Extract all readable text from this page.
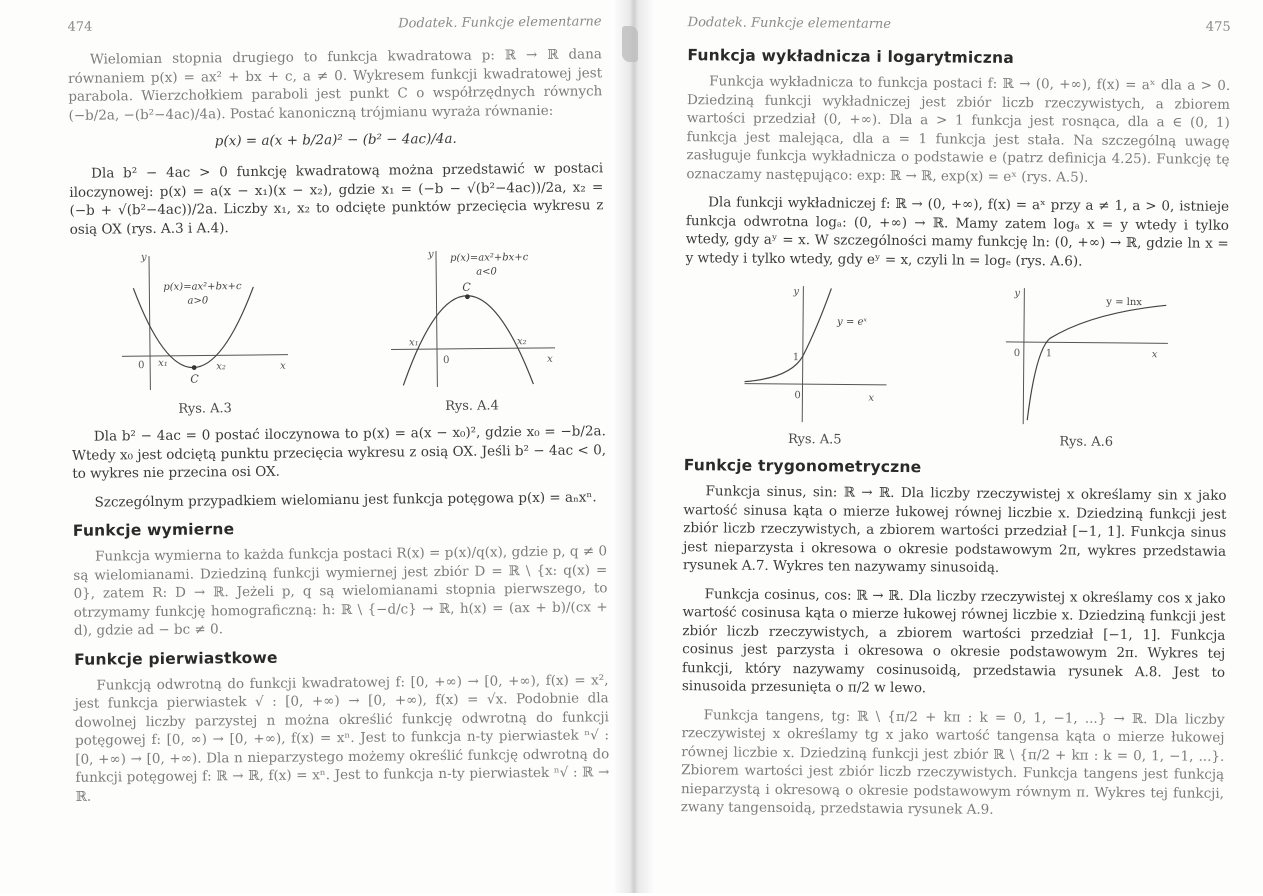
474	Dodatek. Funkcje elementarne

Wielomian stopnia drugiego to funkcja kwadratowa p: ℝ → ℝ dana równaniem p(x) = ax² + bx + c, a ≠ 0. Wykresem funkcji kwadratowej jest parabola. Wierzchołkiem paraboli jest punkt C o współrzędnych równych (−b/2a, −(b²−4ac)/4a). Postać kanoniczną trójmianu wyraża równanie:

p(x) = a(x + b/2a)² − (b² − 4ac)/4a.

Dla b² − 4ac > 0 funkcję kwadratową można przedstawić w postaci iloczynowej: p(x) = a(x − x₁)(x − x₂), gdzie x₁ = (−b − √(b²−4ac))/2a, x₂ = (−b + √(b²−4ac))/2a. Liczby x₁, x₂ to odcięte punktów przecięcia wykresu z osią OX (rys. A.3 i A.4).

y
x
0 x₁	x₂
C
p(x)=ax²+bx+c
a>0
Rys. A.3
y
x
0
x₁	x₂
C
p(x)=ax²+bx+c
a<0
Rys. A.4

Dla b² − 4ac = 0 postać iloczynowa to p(x) = a(x − x₀)², gdzie x₀ = −b/2a. Wtedy x₀ jest odciętą punktu przecięcia wykresu z osią OX. Jeśli b² − 4ac < 0, to wykres nie przecina osi OX.

Szczególnym przypadkiem wielomianu jest funkcja potęgowa p(x) = aₙxⁿ.

Funkcje wymierne

Funkcja wymierna to każda funkcja postaci R(x) = p(x)/q(x), gdzie p, q ≠ 0 są wielomianami. Dziedziną funkcji wymiernej jest zbiór D = ℝ \ {x: q(x) = 0}, zatem R: D → ℝ. Jeżeli p, q są wielomianami stopnia pierwszego, to otrzymamy funkcję homograficzną: h: ℝ \ {−d/c} → ℝ, h(x) = (ax + b)/(cx + d), gdzie ad − bc ≠ 0.

Funkcje pierwiastkowe

Funkcją odwrotną do funkcji kwadratowej f: [0, +∞) → [0, +∞), f(x) = x², jest funkcja pierwiastek √ : [0, +∞) → [0, +∞), f(x) = √x. Podobnie dla dowolnej liczby parzystej n można określić funkcję odwrotną do funkcji potęgowej f: [0, ∞) → [0, +∞), f(x) = xⁿ. Jest to funkcja n-ty pierwiastek ⁿ√ : [0, +∞) → [0, +∞). Dla n nieparzystego możemy określić funkcję odwrotną do funkcji potęgowej f: ℝ → ℝ, f(x) = xⁿ. Jest to funkcja n-ty pierwiastek ⁿ√ : ℝ → ℝ.

Dodatek. Funkcje elementarne	475
Funkcja wykładnicza i logarytmiczna

Funkcja wykładnicza to funkcja postaci f: ℝ → (0, +∞), f(x) = aˣ dla a > 0. Dziedziną funkcji wykładniczej jest zbiór liczb rzeczywistych, a zbiorem wartości przedział (0, +∞). Dla a > 1 funkcja jest rosnąca, dla a ∈ (0, 1) funkcja jest malejąca, dla a = 1 funkcja jest stała. Na szczególną uwagę zasługuje funkcja wykładnicza o podstawie e (patrz definicja 4.25). Funkcję tę oznaczamy następująco: exp: ℝ → ℝ, exp(x) = eˣ (rys. A.5).

Dla funkcji wykładniczej f: ℝ → (0, +∞), f(x) = aˣ przy a ≠ 1, a > 0, istnieje funkcja odwrotna logₐ: (0, +∞) → ℝ. Mamy zatem logₐ x = y wtedy i tylko wtedy, gdy aʸ = x. W szczególności mamy funkcję ln: (0, +∞) → ℝ, gdzie ln x = y wtedy i tylko wtedy, gdy eʸ = x, czyli ln = logₑ (rys. A.6).

y
x
1
0
y = eˣ
Rys. A.5
y
x
1
0
y = lnx
Rys. A.6
Funkcje trygonometryczne

Funkcja sinus, sin: ℝ → ℝ. Dla liczby rzeczywistej x określamy sin x jako wartość sinusa kąta o mierze łukowej równej liczbie x. Dziedziną funkcji jest zbiór liczb rzeczywistych, a zbiorem wartości przedział [−1, 1]. Funkcja sinus jest nieparzysta i okresowa o okresie podstawowym 2π, wykres przedstawia rysunek A.7. Wykres ten nazywamy sinusoidą.

Funkcja cosinus, cos: ℝ → ℝ. Dla liczby rzeczywistej x określamy cos x jako wartość cosinusa kąta o mierze łukowej równej liczbie x. Dziedziną funkcji jest zbiór liczb rzeczywistych, a zbiorem wartości przedział [−1, 1]. Funkcja cosinus jest parzysta i okresowa o okresie podstawowym 2π. Wykres tej funkcji, który nazywamy cosinusoidą, przedstawia rysunek A.8. Jest to sinusoida przesunięta o π/2 w lewo.

Funkcja tangens, tg: ℝ \ {π/2 + kπ : k = 0, 1, −1, ...} → ℝ. Dla liczby rzeczywistej x określamy tg x jako wartość tangensa kąta o mierze łukowej równej liczbie x. Dziedziną funkcji jest zbiór ℝ \ {π/2 + kπ : k = 0, 1, −1, ...}. Zbiorem wartości jest zbiór liczb rzeczywistych. Funkcja tangens jest funkcją nieparzystą i okresową o okresie podstawowym równym π. Wykres tej funkcji, zwany tangensoidą, przedstawia rysunek A.9.
